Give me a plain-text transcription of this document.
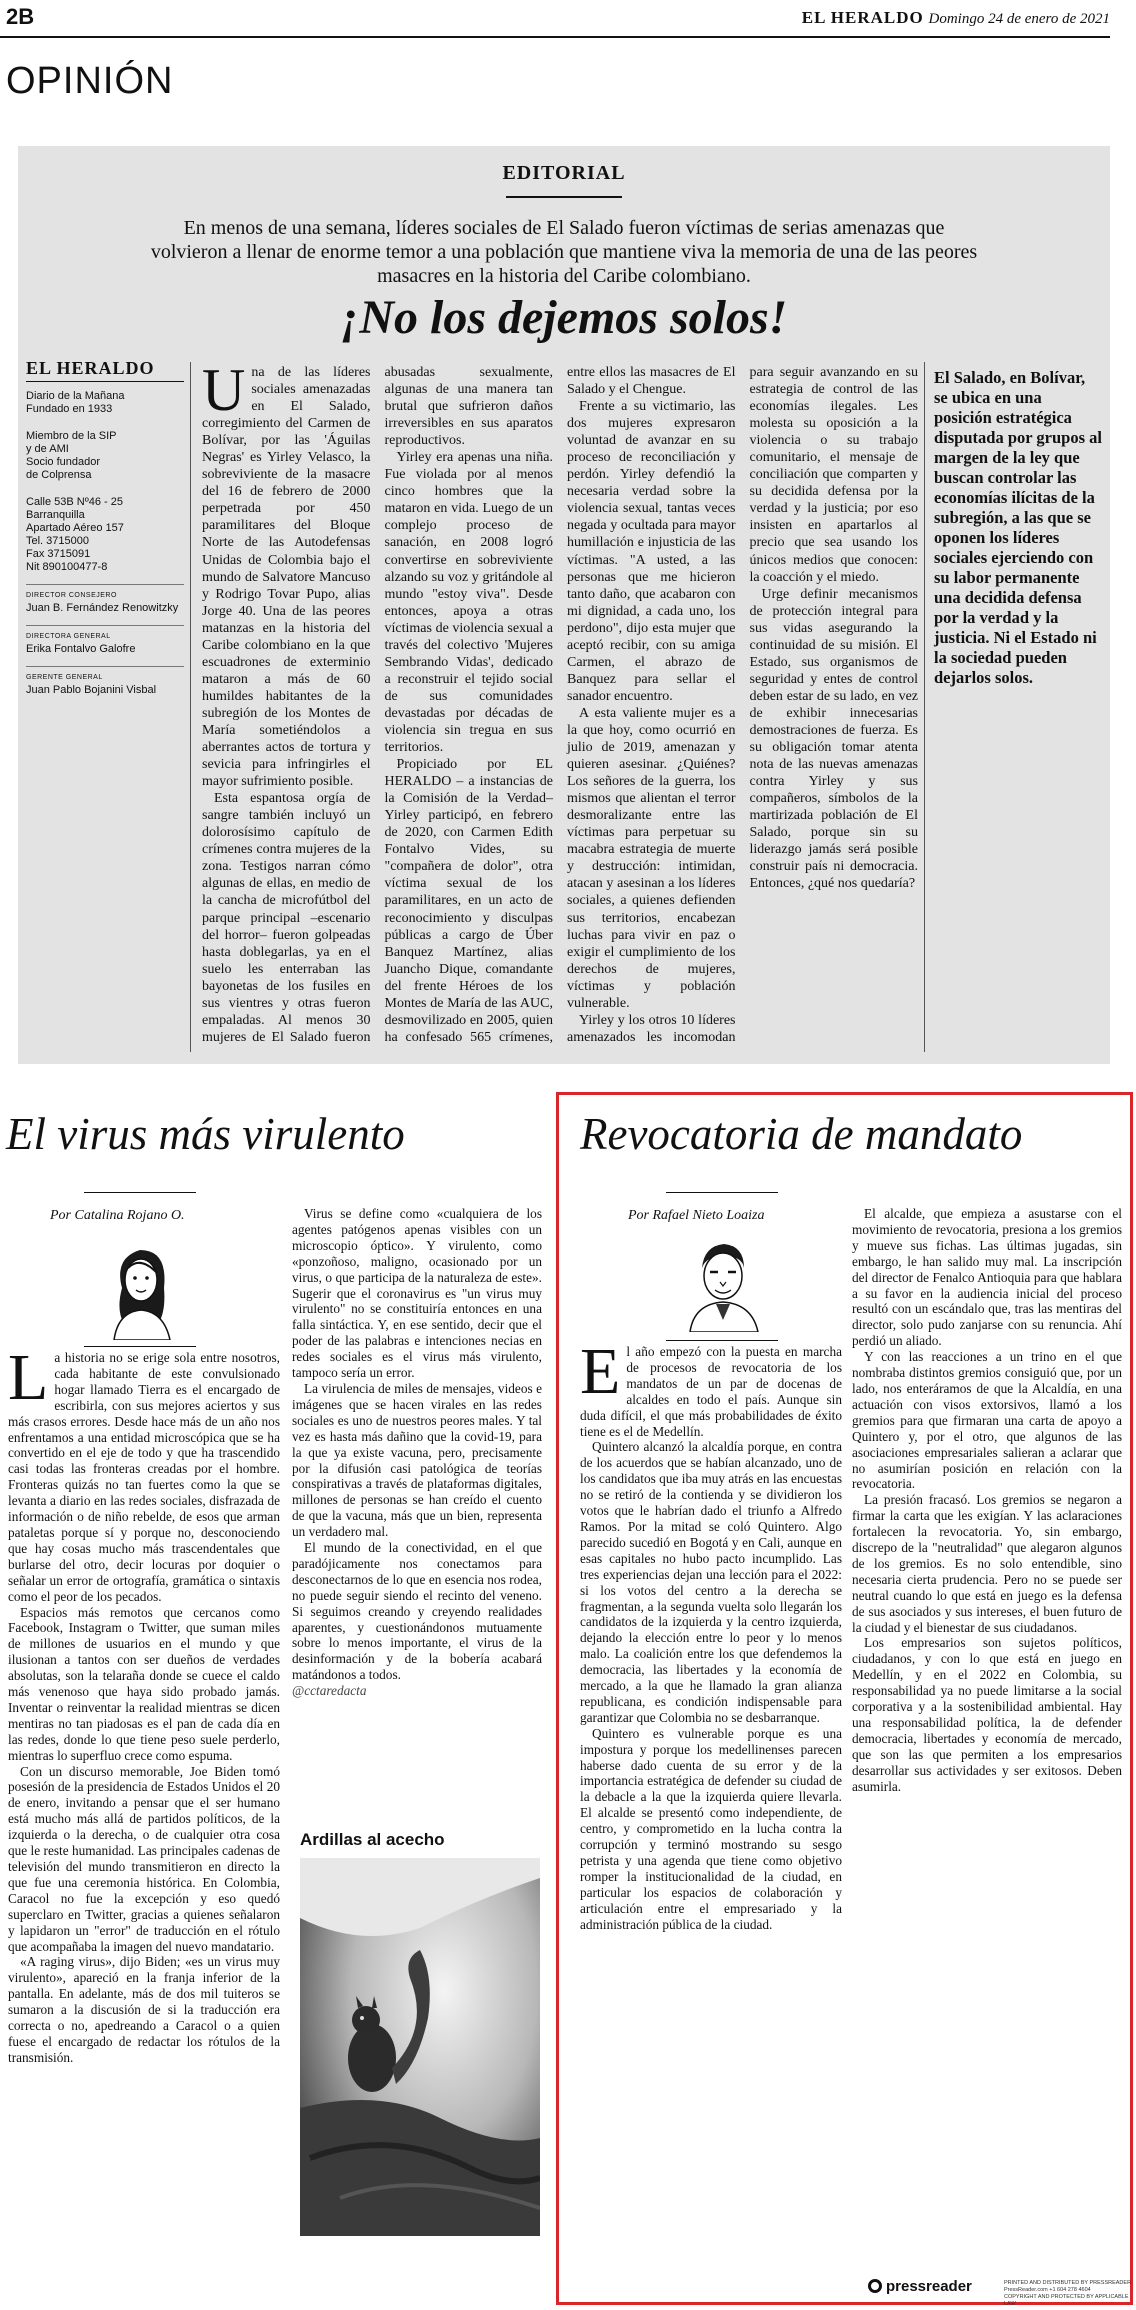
2B	EL HERALDO Domingo 24 de enero de 2021
OPINIÓN
EDITORIAL
En menos de una semana, líderes sociales de El Salado fueron víctimas de serias amenazas que volvieron a llenar de enorme temor a una población que mantiene viva la memoria de una de las peores masacres en la historia del Caribe colombiano.
¡No los dejemos solos!
EL HERALDO

Diario de la Mañana

Fundado en 1933

Miembro de la SIP

y de AMI

Socio fundador

de Colprensa

Calle 53B Nº46 - 25

Barranquilla

Apartado Aéreo 157

Tel. 3715000

Fax 3715091

Nit 890100477-8

DIRECTOR CONSEJERO

Juan B. Fernández Renowitzky

DIRECTORA GENERAL

Erika Fontalvo Galofre

GERENTE GENERAL

Juan Pablo Bojanini Visbal

Una de las líderes sociales amenazadas en El Salado, corregimiento del Carmen de Bolívar, por las 'Águilas Negras' es Yirley Velasco, la sobreviviente de la masacre del 16 de febrero de 2000 perpetrada por 450 paramilitares del Bloque Norte de las Autodefensas Unidas de Colombia bajo el mundo de Salvatore Mancuso y Rodrigo Tovar Pupo, alias Jorge 40. Una de las peores matanzas en la historia del Caribe colombiano en la que escuadrones de exterminio mataron a más de 60 humildes habitantes de la subregión de los Montes de María sometiéndolos a aberrantes actos de tortura y sevicia para infringirles el mayor sufrimiento posible.

Esta espantosa orgía de sangre también incluyó un dolorosísimo capítulo de crímenes contra mujeres de la zona. Testigos narran cómo algunas de ellas, en medio de la cancha de microfútbol del parque principal –escenario del horror– fueron golpeadas hasta doblegarlas, ya en el suelo les enterraban las bayonetas de los fusiles en sus vientres y otras fueron empaladas. Al menos 30 mujeres de El Salado fueron abusadas sexualmente, algunas de una manera tan brutal que sufrieron daños irreversibles en sus aparatos reproductivos.

Yirley era apenas una niña. Fue violada por al menos cinco hombres que la mataron en vida. Luego de un complejo proceso de sanación, en 2008 logró convertirse en sobreviviente alzando su voz y gritándole al mundo "estoy viva". Desde entonces, apoya a otras víctimas de violencia sexual a través del colectivo 'Mujeres Sembrando Vidas', dedicado a reconstruir el tejido social de sus comunidades devastadas por décadas de violencia sin tregua en sus territorios.

Propiciado por EL HERALDO – a instancias de la Comisión de la Verdad– Yirley participó, en febrero de 2020, con Carmen Edith Fontalvo Vides, su "compañera de dolor", otra víctima sexual de los paramilitares, en un acto de reconocimiento y disculpas públicas a cargo de Úber Banquez Martínez, alias Juancho Dique, comandante del frente Héroes de los Montes de María de las AUC, desmovilizado en 2005, quien ha confesado 565 crímenes, entre ellos las masacres de El Salado y el Chengue.

Frente a su victimario, las dos mujeres expresaron voluntad de avanzar en su proceso de reconciliación y perdón. Yirley defendió la necesaria verdad sobre la violencia sexual, tantas veces negada y ocultada para mayor humillación e injusticia de las víctimas. "A usted, a las personas que me hicieron tanto daño, que acabaron con mi dignidad, a cada uno, los perdono", dijo esta mujer que aceptó recibir, con su amiga Carmen, el abrazo de Banquez para sellar el sanador encuentro.

A esta valiente mujer es a la que hoy, como ocurrió en julio de 2019, amenazan y quieren asesinar. ¿Quiénes? Los señores de la guerra, los mismos que alientan el terror desmoralizante entre las víctimas para perpetuar su macabra estrategia de muerte y destrucción: intimidan, atacan y asesinan a los líderes sociales, a quienes defienden sus territorios, encabezan luchas para vivir en paz o exigir el cumplimiento de los derechos de mujeres, víctimas y población vulnerable.

Yirley y los otros 10 líderes amenazados les incomodan para seguir avanzando en su estrategia de control de las economías ilegales. Les molesta su oposición a la violencia o su trabajo comunitario, el mensaje de conciliación que comparten y su decidida defensa por la verdad y la justicia; por eso insisten en apartarlos al precio que sea usando los únicos medios que conocen: la coacción y el miedo.

Urge definir mecanismos de protección integral para sus vidas asegurando la continuidad de su misión. El Estado, sus organismos de seguridad y entes de control deben estar de su lado, en vez de exhibir innecesarias demostraciones de fuerza. Es su obligación tomar atenta nota de las nuevas amenazas contra Yirley y sus compañeros, símbolos de la martirizada población de El Salado, porque sin su liderazgo jamás será posible construir país ni democracia. Entonces, ¿qué nos quedaría?

El Salado, en Bolívar, se ubica en una posición estratégica disputada por grupos al margen de la ley que buscan controlar las economías ilícitas de la subregión, a las que se oponen los líderes sociales ejerciendo con su labor permanente una decidida defensa por la verdad y la justicia. Ni el Estado ni la sociedad pueden dejarlos solos.
El virus más virulento
Por Catalina Rojano O.

La historia no se erige sola entre nosotros, cada habitante de este convulsionado hogar llamado Tierra es el encargado de escribirla, con sus mejores aciertos y sus más crasos errores. Desde hace más de un año nos enfrentamos a una entidad microscópica que se ha convertido en el eje de todo y que ha trascendido casi todas las fronteras creadas por el hombre. Fronteras quizás no tan fuertes como la que se levanta a diario en las redes sociales, disfrazada de información o de niño rebelde, de esos que arman pataletas porque sí y porque no, desconociendo que hay cosas mucho más trascendentales que burlarse del otro, decir locuras por doquier o señalar un error de ortografía, gramática o sintaxis como el peor de los pecados.

Espacios más remotos que cercanos como Facebook, Instagram o Twitter, que suman miles de millones de usuarios en el mundo y que ilusionan a tantos con ser dueños de verdades absolutas, son la telaraña donde se cuece el caldo más venenoso que haya sido probado jamás. Inventar o reinventar la realidad mientras se dicen mentiras no tan piadosas es el pan de cada día en las redes, donde lo que tiene peso suele perderlo, mientras lo superfluo crece como espuma.

Con un discurso memorable, Joe Biden tomó posesión de la presidencia de Estados Unidos el 20 de enero, invitando a pensar que el ser humano está mucho más allá de partidos políticos, de la izquierda o la derecha, o de cualquier otra cosa que le reste humanidad. Las principales cadenas de televisión del mundo transmitieron en directo la que fue una ceremonia histórica. En Colombia, Caracol no fue la excepción y eso quedó superclaro en Twitter, gracias a quienes señalaron y lapidaron un "error" de traducción en el rótulo que acompañaba la imagen del nuevo mandatario.

«A raging virus», dijo Biden; «es un virus muy virulento», apareció en la franja inferior de la pantalla. En adelante, más de dos mil tuiteros se sumaron a la discusión de si la traducción era correcta o no, apedreando a Caracol o a quien fuese el encargado de redactar los rótulos de la transmisión.

Virus se define como «cualquiera de los agentes patógenos apenas visibles con un microscopio óptico». Y virulento, como «ponzoñoso, maligno, ocasionado por un virus, o que participa de la naturaleza de este». Sugerir que el coronavirus es "un virus muy virulento" no se constituiría entonces en una falla sintáctica. Y, en ese sentido, decir que el poder de las palabras e intenciones necias en redes sociales es el virus más virulento, tampoco sería un error.

La virulencia de miles de mensajes, videos e imágenes que se hacen virales en las redes sociales es uno de nuestros peores males. Y tal vez es hasta más dañino que la covid-19, para la que ya existe vacuna, pero, precisamente por la difusión casi patológica de teorías conspirativas a través de plataformas digitales, millones de personas se han creído el cuento de que la vacuna, más que un bien, representa un verdadero mal.

El mundo de la conectividad, en el que paradójicamente nos conectamos para desconectarnos de lo que en esencia nos rodea, no puede seguir siendo el recinto del veneno. Si seguimos creando y creyendo realidades aparentes, y cuestionándonos mutuamente sobre lo menos importante, el virus de la desinformación y de la bobería acabará matándonos a todos.

@cctaredacta

Ardillas al acecho
Revocatoria de mandato
Por Rafael Nieto Loaiza

El año empezó con la puesta en marcha de procesos de revocatoria de los mandatos de un par de docenas de alcaldes en todo el país. Aunque sin duda difícil, el que más probabilidades de éxito tiene es el de Medellín.

Quintero alcanzó la alcaldía porque, en contra de los acuerdos que se habían alcanzado, uno de los candidatos que iba muy atrás en las encuestas no se retiró de la contienda y se dividieron los votos que le habrían dado el triunfo a Alfredo Ramos. Por la mitad se coló Quintero. Algo parecido sucedió en Bogotá y en Cali, aunque en esas capitales no hubo pacto incumplido. Las tres experiencias dejan una lección para el 2022: si los votos del centro a la derecha se fragmentan, a la segunda vuelta solo llegarán los candidatos de la izquierda y la centro izquierda, dejando la elección entre lo peor y lo menos malo. La coalición entre los que defendemos la democracia, las libertades y la economía de mercado, a la que he llamado la gran alianza republicana, es condición indispensable para garantizar que Colombia no se desbarranque.

Quintero es vulnerable porque es una impostura y porque los medellinenses parecen haberse dado cuenta de su error y de la importancia estratégica de defender su ciudad de la debacle a la que la izquierda quiere llevarla. El alcalde se presentó como independiente, de centro, y comprometido en la lucha contra la corrupción y terminó mostrando su sesgo petrista y una agenda que tiene como objetivo romper la institucionalidad de la ciudad, en particular los espacios de colaboración y articulación entre el empresariado y la administración pública de la ciudad.

El alcalde, que empieza a asustarse con el movimiento de revocatoria, presiona a los gremios y mueve sus fichas. Las últimas jugadas, sin embargo, le han salido muy mal. La inscripción del director de Fenalco Antioquia para que hablara a su favor en la audiencia inicial del proceso resultó con un escándalo que, tras las mentiras del director, solo pudo zanjarse con su renuncia. Ahí perdió un aliado.

Y con las reacciones a un trino en el que nombraba distintos gremios consiguió que, por un lado, nos enteráramos de que la Alcaldía, en una actuación con visos extorsivos, llamó a los gremios para que firmaran una carta de apoyo a Quintero y, por el otro, que algunos de las asociaciones empresariales salieran a aclarar que no asumirían posición en relación con la revocatoria.

La presión fracasó. Los gremios se negaron a firmar la carta que les exigían. Y las aclaraciones fortalecen la revocatoria. Yo, sin embargo, discrepo de la "neutralidad" que alegaron algunos de los gremios. Es no solo entendible, sino necesaria cierta prudencia. Pero no se puede ser neutral cuando lo que está en juego es la defensa de sus asociados y sus intereses, el buen futuro de la ciudad y el bienestar de sus ciudadanos.

Los empresarios son sujetos políticos, ciudadanos, y con lo que está en juego en Medellín, y en el 2022 en Colombia, su responsabilidad ya no puede limitarse a la social corporativa y a la sostenibilidad ambiental. Hay una responsabilidad política, la de defender democracia, libertades y economía de mercado, que son las que permiten a los empresarios desarrollar sus actividades y ser exitosos. Deben asumirla.

pressreader	PRINTED AND DISTRIBUTED BY PRESSREADER
PressReader.com +1 604 278 4604
COPYRIGHT AND PROTECTED BY APPLICABLE LAW
